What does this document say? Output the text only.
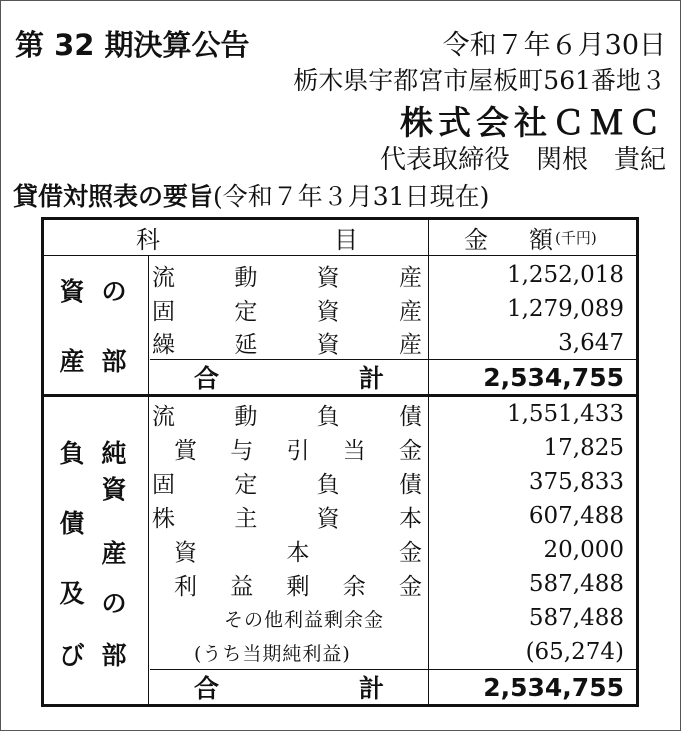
第 32 期決算公告	令和７年６月30日
栃木県宇都宮市屋板町561番地３
株式会社ＣＭＣ
代表取締役　関根　貴紀
貸借対照表の要旨(令和７年３月31日現在)
科	目	金 額 (千円)
資 の
産 部
流	動	資	産	1,252,018
固	定	資	産	1,279,089
繰	延	資	産	3,647
合	計	2,534,755
負
債
及
び
純
資
産
の
部
流	動	負	債	1,551,433
賞 与 引 当 金	17,825
固	定	負	債	375,833
株	主	資	本	607,488
資	本	金	20,000
利 益 剰 余 金	587,488
その他利益剰余金	587,488
(うち当期純利益)	(65,274)
合	計	2,534,755
